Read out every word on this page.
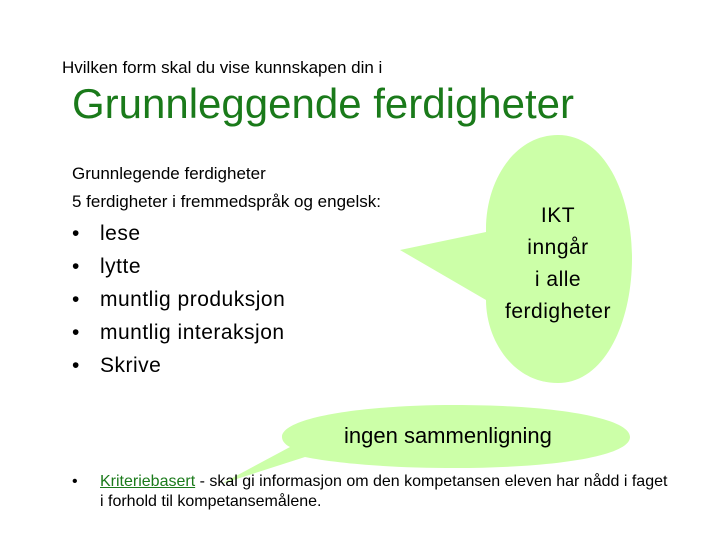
Hvilken form skal du vise kunnskapen din i
Grunnleggende ferdigheter
Grunnlegende ferdigheter
5 ferdigheter i fremmedspråk og engelsk:
• lese
• lytte
• muntlig produksjon
• muntlig interaksjon
• Skrive
IKT
inngår
i alle
ferdigheter
ingen sammenligning
• Kriteriebasert - skal gi informasjon om den kompetansen eleven har nådd i faget i forhold til kompetansemålene.
